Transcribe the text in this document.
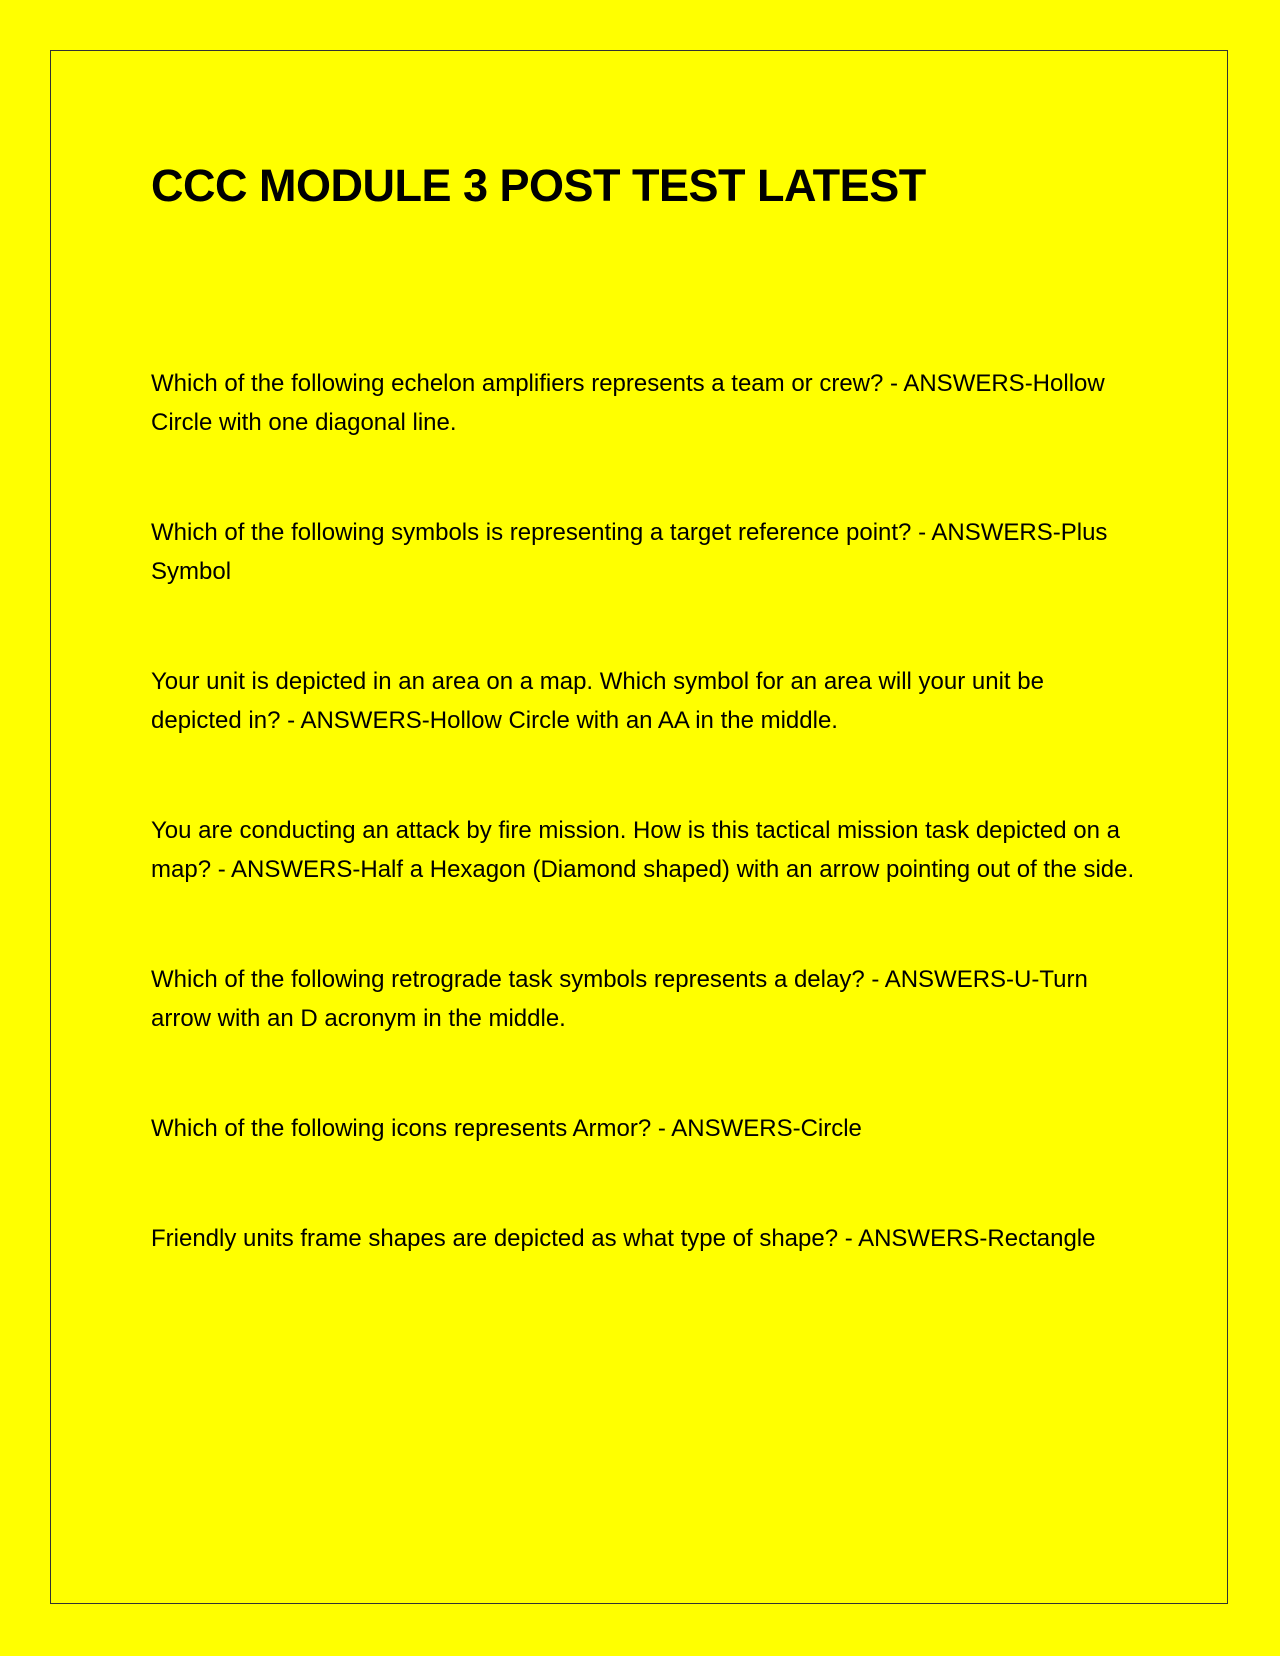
CCC MODULE 3 POST TEST LATEST
Which of the following echelon amplifiers represents a team or crew? - ANSWERS-Hollow Circle with one diagonal line.
Which of the following symbols is representing a target reference point? - ANSWERS-Plus Symbol
Your unit is depicted in an area on a map. Which symbol for an area will your unit be depicted in? - ANSWERS-Hollow Circle with an AA in the middle.
You are conducting an attack by fire mission. How is this tactical mission task depicted on a map? - ANSWERS-Half a Hexagon (Diamond shaped) with an arrow pointing out of the side.
Which of the following retrograde task symbols represents a delay? - ANSWERS-U-Turn arrow with an D acronym in the middle.
Which of the following icons represents Armor? - ANSWERS-Circle
Friendly units frame shapes are depicted as what type of shape? - ANSWERS-Rectangle
